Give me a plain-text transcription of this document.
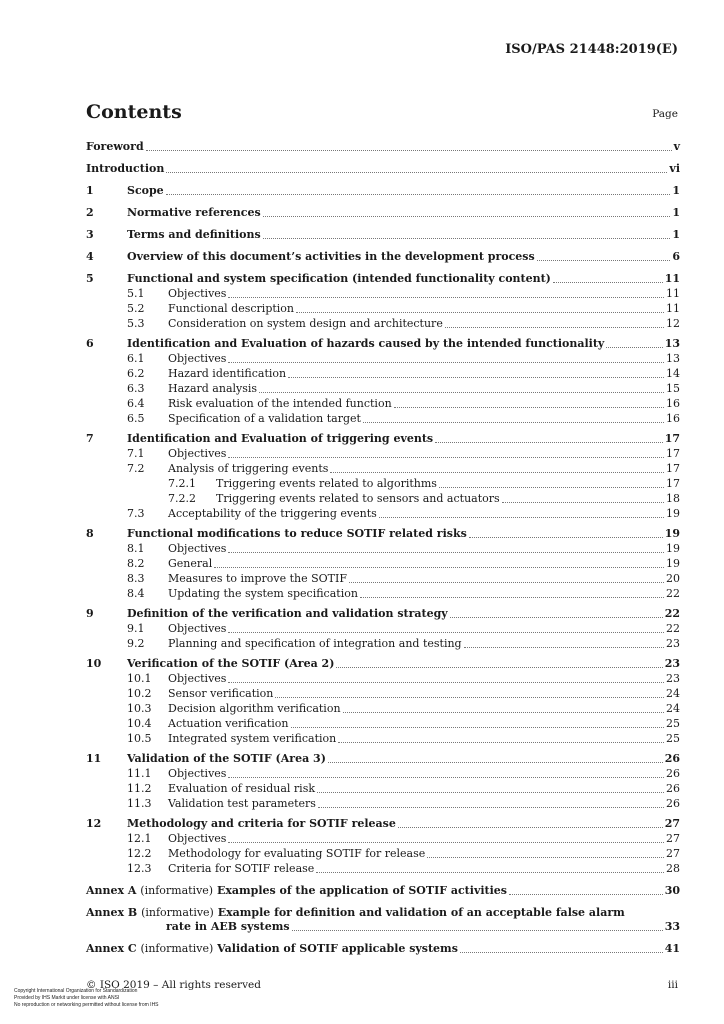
ISO/PAS 21448:2019(E)
Contents	Page
Foreword	v
Introduction	vi
1	Scope	1
2	Normative references	1
3	Terms and definitions	1
4	Overview of this document’s activities in the development process	6
5	Functional and system specification (intended functionality content)	11
5.1	Objectives	11
5.2	Functional description	11
5.3	Consideration on system design and architecture	12
6	Identification and Evaluation of hazards caused by the intended functionality	13
6.1	Objectives	13
6.2	Hazard identification	14
6.3	Hazard analysis	15
6.4	Risk evaluation of the intended function	16
6.5	Specification of a validation target	16
7	Identification and Evaluation of triggering events	17
7.1	Objectives	17
7.2	Analysis of triggering events	17
7.2.1	Triggering events related to algorithms	17
7.2.2	Triggering events related to sensors and actuators	18
7.3	Acceptability of the triggering events	19
8	Functional modifications to reduce SOTIF related risks	19
8.1	Objectives	19
8.2	General	19
8.3	Measures to improve the SOTIF	20
8.4	Updating the system specification	22
9	Definition of the verification and validation strategy	22
9.1	Objectives	22
9.2	Planning and specification of integration and testing	23
10	Verification of the SOTIF (Area 2)	23
10.1	Objectives	23
10.2	Sensor verification	24
10.3	Decision algorithm verification	24
10.4	Actuation verification	25
10.5	Integrated system verification	25
11	Validation of the SOTIF (Area 3)	26
11.1	Objectives	26
11.2	Evaluation of residual risk	26
11.3	Validation test parameters	26
12	Methodology and criteria for SOTIF release	27
12.1	Objectives	27
12.2	Methodology for evaluating SOTIF for release	27
12.3	Criteria for SOTIF release	28
Annex A (informative) Examples of the application of SOTIF activities	30
Annex B (informative) Example for definition and validation of an acceptable false alarm
rate in AEB systems	33
Annex C (informative) Validation of SOTIF applicable systems	41
© ISO 2019 – All rights reserved	iii
Copyright International Organization for Standardization
Provided by IHS Markit under license with ANSI
No reproduction or networking permitted without license from IHS
